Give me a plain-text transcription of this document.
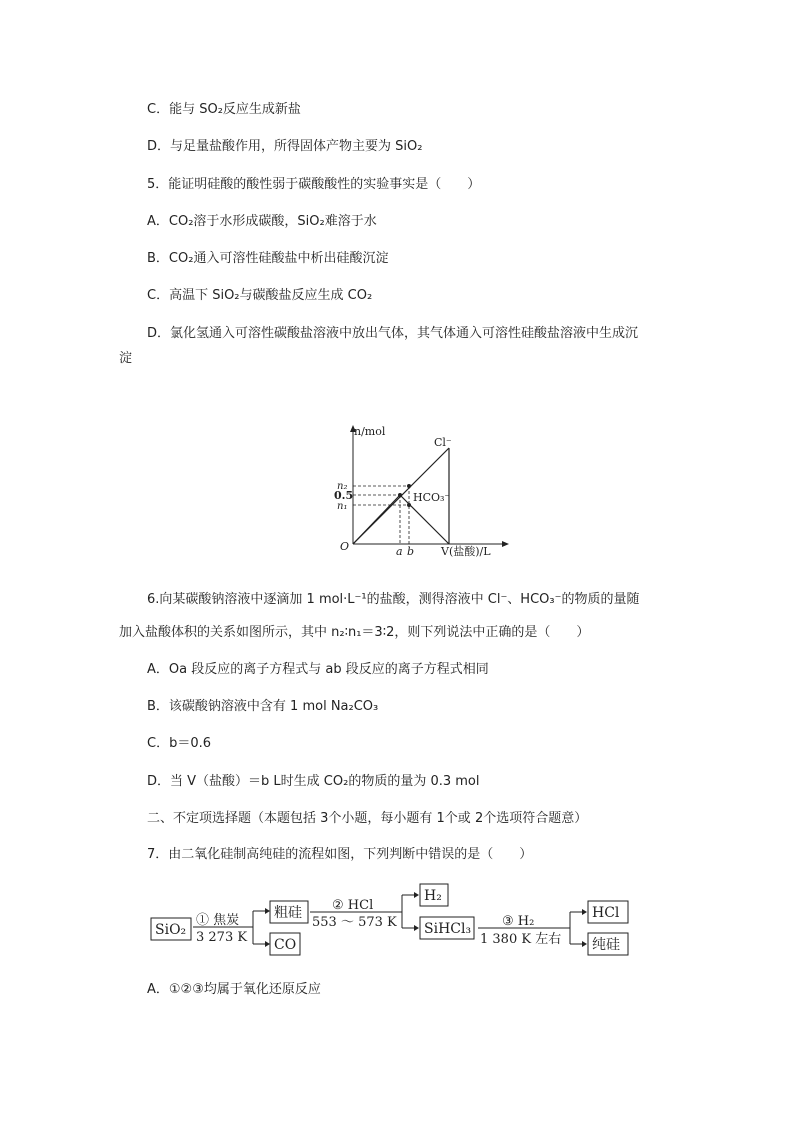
C．能与 SO₂反应生成新盐
D．与足量盐酸作用，所得固体产物主要为 SiO₂
5．能证明硅酸的酸性弱于碳酸酸性的实验事实是（　　）
A．CO₂溶于水形成碳酸，SiO₂难溶于水
B．CO₂通入可溶性硅酸盐中析出硅酸沉淀
C．高温下 SiO₂与碳酸盐反应生成 CO₂
D．氯化氢通入可溶性碳酸盐溶液中放出气体，其气体通入可溶性硅酸盐溶液中生成沉
淀
n/mol
V(盐酸)/L
O
n₂
0.5
n₁
a b
Cl⁻
HCO₃⁻
6.向某碳酸钠溶液中逐滴加 1 mol·L⁻¹的盐酸，测得溶液中 Cl⁻、HCO₃⁻的物质的量随
加入盐酸体积的关系如图所示，其中 n₂∶n₁＝3∶2，则下列说法中正确的是（　　）
A．Oa 段反应的离子方程式与 ab 段反应的离子方程式相同
B．该碳酸钠溶液中含有 1 mol Na₂CO₃
C．b＝0.6
D．当 V（盐酸）＝b L时生成 CO₂的物质的量为 0.3 mol
二、不定项选择题（本题包括 3个小题，每小题有 1个或 2个选项符合题意）
7．由二氧化硅制高纯硅的流程如图，下列判断中错误的是（　　）
SiO₂
① 焦炭
3 273 K
粗硅
CO
② HCl
553 ～ 573 K
H₂
SiHCl₃ ③ H₂
1 380 K 左右
HCl
纯硅
A．①②③均属于氧化还原反应
